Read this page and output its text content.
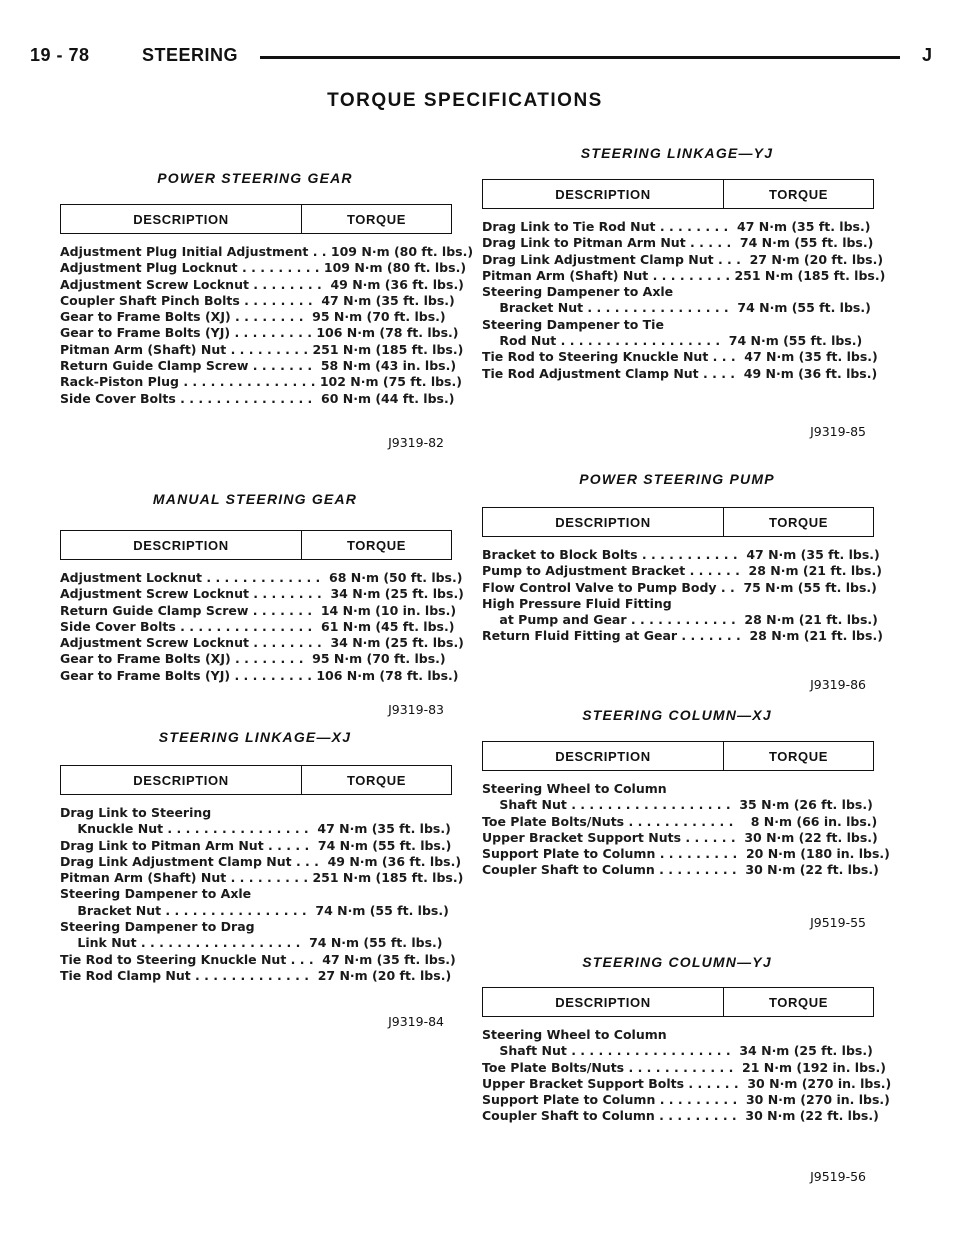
19 - 78	STEERING	J
TORQUE SPECIFICATIONS
POWER STEERING GEAR
DESCRIPTION	TORQUE
Adjustment Plug Initial Adjustment . . 109 N·m (80 ft. lbs.)
Adjustment Plug Locknut . . . . . . . . . 109 N·m (80 ft. lbs.)
Adjustment Screw Locknut . . . . . . . .  49 N·m (36 ft. lbs.)
Coupler Shaft Pinch Bolts . . . . . . . .  47 N·m (35 ft. lbs.)
Gear to Frame Bolts (XJ) . . . . . . . .  95 N·m (70 ft. lbs.)
Gear to Frame Bolts (YJ) . . . . . . . . . 106 N·m (78 ft. lbs.)
Pitman Arm (Shaft) Nut . . . . . . . . . 251 N·m (185 ft. lbs.)
Return Guide Clamp Screw . . . . . . .  58 N·m (43 in. lbs.)
Rack-Piston Plug . . . . . . . . . . . . . . . 102 N·m (75 ft. lbs.)
Side Cover Bolts . . . . . . . . . . . . . . .  60 N·m (44 ft. lbs.)
J9319-82
MANUAL STEERING GEAR
DESCRIPTION	TORQUE
Adjustment Locknut . . . . . . . . . . . . .  68 N·m (50 ft. lbs.)
Adjustment Screw Locknut . . . . . . . .  34 N·m (25 ft. lbs.)
Return Guide Clamp Screw . . . . . . .  14 N·m (10 in. lbs.)
Side Cover Bolts . . . . . . . . . . . . . . .  61 N·m (45 ft. lbs.)
Adjustment Screw Locknut . . . . . . . .  34 N·m (25 ft. lbs.)
Gear to Frame Bolts (XJ) . . . . . . . .  95 N·m (70 ft. lbs.)
Gear to Frame Bolts (YJ) . . . . . . . . . 106 N·m (78 ft. lbs.)
J9319-83
STEERING LINKAGE—XJ
DESCRIPTION	TORQUE
Drag Link to Steering
Knuckle Nut . . . . . . . . . . . . . . . .  47 N·m (35 ft. lbs.)
Drag Link to Pitman Arm Nut . . . . .  74 N·m (55 ft. lbs.)
Drag Link Adjustment Clamp Nut . . .  49 N·m (36 ft. lbs.)
Pitman Arm (Shaft) Nut . . . . . . . . . 251 N·m (185 ft. lbs.)
Steering Dampener to Axle
Bracket Nut . . . . . . . . . . . . . . . .  74 N·m (55 ft. lbs.)
Steering Dampener to Drag
Link Nut . . . . . . . . . . . . . . . . . .  74 N·m (55 ft. lbs.)
Tie Rod to Steering Knuckle Nut . . .  47 N·m (35 ft. lbs.)
Tie Rod Clamp Nut . . . . . . . . . . . . .  27 N·m (20 ft. lbs.)
J9319-84
STEERING LINKAGE—YJ
DESCRIPTION	TORQUE
Drag Link to Tie Rod Nut . . . . . . . .  47 N·m (35 ft. lbs.)
Drag Link to Pitman Arm Nut . . . . .  74 N·m (55 ft. lbs.)
Drag Link Adjustment Clamp Nut . . .  27 N·m (20 ft. lbs.)
Pitman Arm (Shaft) Nut . . . . . . . . . 251 N·m (185 ft. lbs.)
Steering Dampener to Axle
Bracket Nut . . . . . . . . . . . . . . . .  74 N·m (55 ft. lbs.)
Steering Dampener to Tie
Rod Nut . . . . . . . . . . . . . . . . . .  74 N·m (55 ft. lbs.)
Tie Rod to Steering Knuckle Nut . . .  47 N·m (35 ft. lbs.)
Tie Rod Adjustment Clamp Nut . . . .  49 N·m (36 ft. lbs.)
J9319-85
POWER STEERING PUMP
DESCRIPTION	TORQUE
Bracket to Block Bolts . . . . . . . . . . .  47 N·m (35 ft. lbs.)
Pump to Adjustment Bracket . . . . . .  28 N·m (21 ft. lbs.)
Flow Control Valve to Pump Body . .  75 N·m (55 ft. lbs.)
High Pressure Fluid Fitting
at Pump and Gear . . . . . . . . . . . .  28 N·m (21 ft. lbs.)
Return Fluid Fitting at Gear . . . . . . .  28 N·m (21 ft. lbs.)
J9319-86
STEERING COLUMN—XJ
DESCRIPTION	TORQUE
Steering Wheel to Column
Shaft Nut . . . . . . . . . . . . . . . . . .  35 N·m (26 ft. lbs.)
Toe Plate Bolts/Nuts . . . . . . . . . . . .    8 N·m (66 in. lbs.)
Upper Bracket Support Nuts . . . . . .  30 N·m (22 ft. lbs.)
Support Plate to Column . . . . . . . . .  20 N·m (180 in. lbs.)
Coupler Shaft to Column . . . . . . . . .  30 N·m (22 ft. lbs.)
J9519-55
STEERING COLUMN—YJ
DESCRIPTION	TORQUE
Steering Wheel to Column
Shaft Nut . . . . . . . . . . . . . . . . . .  34 N·m (25 ft. lbs.)
Toe Plate Bolts/Nuts . . . . . . . . . . . .  21 N·m (192 in. lbs.)
Upper Bracket Support Bolts . . . . . .  30 N·m (270 in. lbs.)
Support Plate to Column . . . . . . . . .  30 N·m (270 in. lbs.)
Coupler Shaft to Column . . . . . . . . .  30 N·m (22 ft. lbs.)
J9519-56
